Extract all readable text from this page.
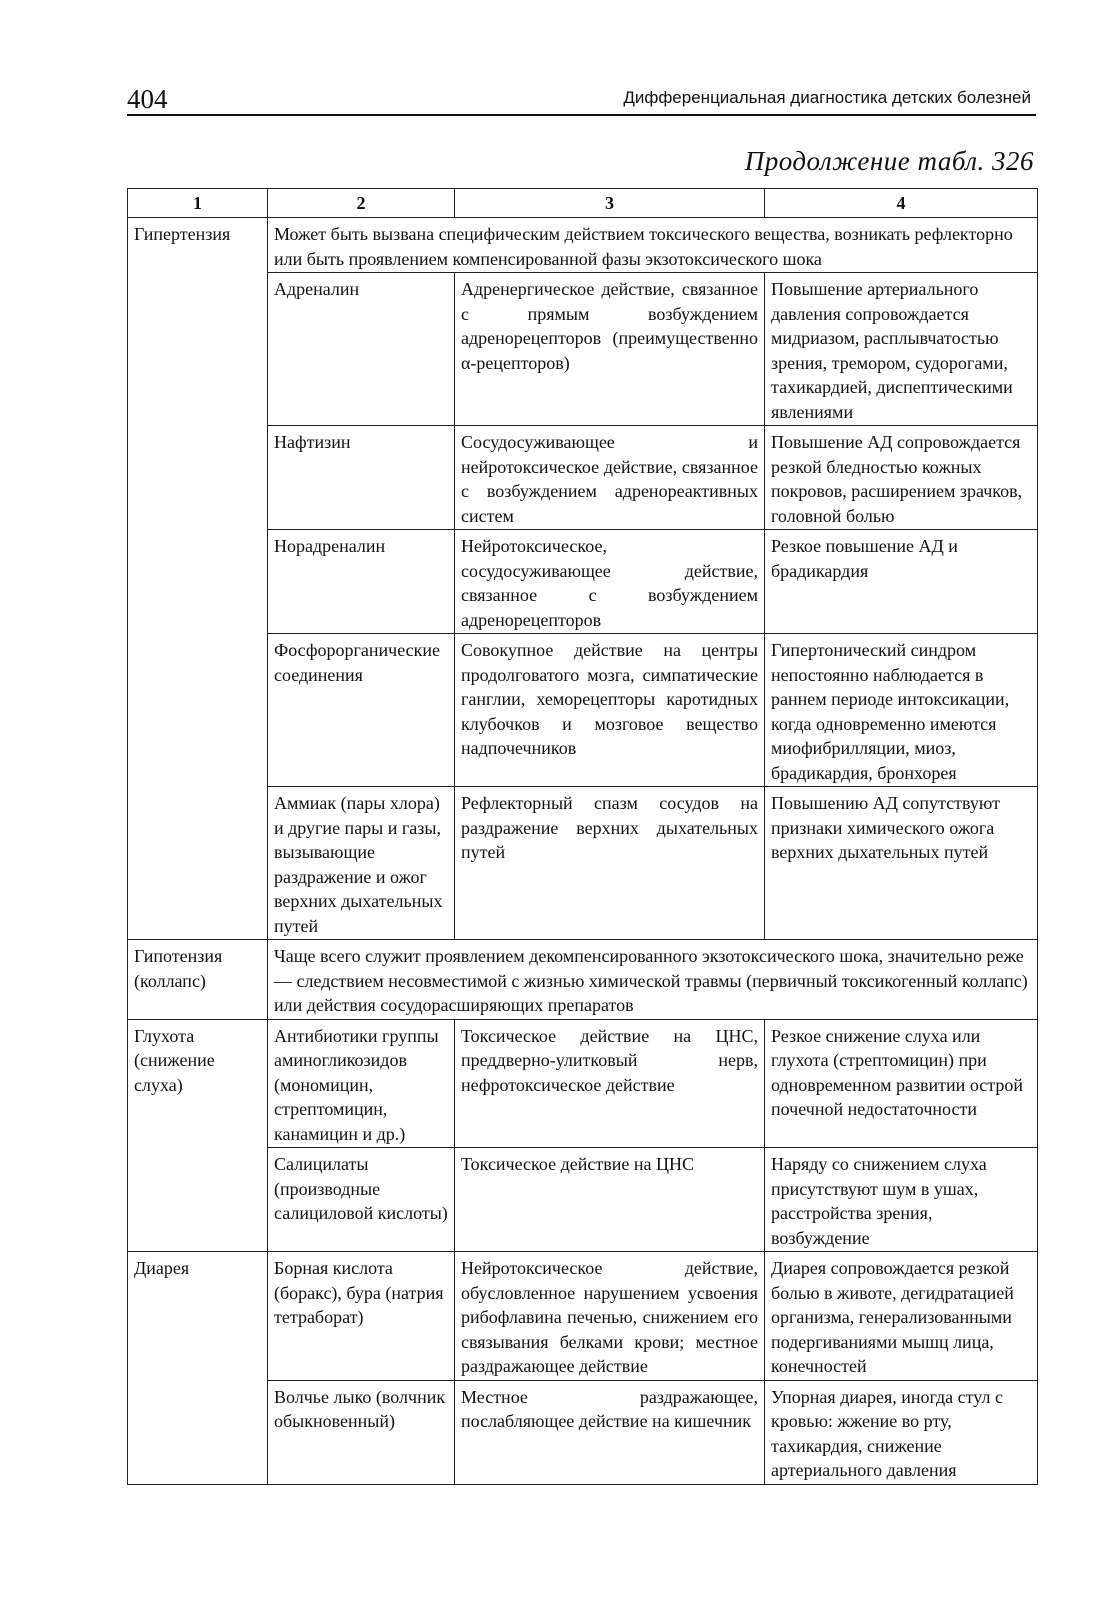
404	Дифференциальная диагностика детских болезней
Продолжение табл. 326
1	2	3	4
Гипертензия	Может быть вызвана специфическим действием токсического вещества, возникать рефлекторно или быть проявлением компенсированной фазы экзотоксического шока		
	Адреналин	Адренергическое действие, связанное с прямым возбуждением адренорецепторов (преимущественно α-рецепторов)	Повышение артериального давления сопровождается мидриазом, расплывчатостью зрения, тремором, судорогами, тахикардией, диспептическими явлениями
	Нафтизин	Сосудосуживающее и нейротоксическое действие, связанное с возбуждением адренореактивных систем	Повышение АД сопровождается резкой бледностью кожных покровов, расширением зрачков, головной болью
	Норадреналин	Нейротоксическое, сосудосуживающее действие, связанное с возбуждением адренорецепторов	Резкое повышение АД и брадикардия
	Фосфорорганические соединения	Совокупное действие на центры продолговатого мозга, симпатические ганглии, хеморецепторы каротидных клубочков и мозговое вещество надпочечников	Гипертонический синдром непостоянно наблюдается в раннем периоде интоксикации, когда одновременно имеются миофибрилляции, миоз, брадикардия, бронхорея
	Аммиак (пары хлора) и другие пары и газы, вызывающие раздражение и ожог верхних дыхательных путей	Рефлекторный спазм сосудов на раздражение верхних дыхательных путей	Повышению АД сопутствуют признаки химического ожога верхних дыхательных путей
Гипотензия (коллапс)	Чаще всего служит проявлением декомпенсированного экзотоксического шока, значительно реже — следствием несовместимой с жизнью химической травмы (первичный токсикогенный коллапс) или действия сосудорасширяющих препаратов		
Глухота (снижение слуха)	Антибиотики группы аминогликозидов (мономицин, стрептомицин, канамицин и др.)	Токсическое действие на ЦНС, преддверно-улитковый нерв, нефротоксическое действие	Резкое снижение слуха или глухота (стрептомицин) при одновременном развитии острой почечной недостаточности
	Салицилаты (производные салициловой кислоты)	Токсическое действие на ЦНС	Наряду со снижением слуха присутствуют шум в ушах, расстройства зрения, возбуждение
Диарея	Борная кислота (боракс), бура (натрия тетраборат)	Нейротоксическое действие, обусловленное нарушением усвоения рибофлавина печенью, снижением его связывания белками крови; местное раздражающее действие	Диарея сопровождается резкой болью в животе, дегидратацией организма, генерализованными подергиваниями мышц лица, конечностей
	Волчье лыко (волчник обыкновенный)	Местное раздражающее, послабляющее действие на кишечник	Упорная диарея, иногда стул с кровью: жжение во рту, тахикардия, снижение артериального давления
